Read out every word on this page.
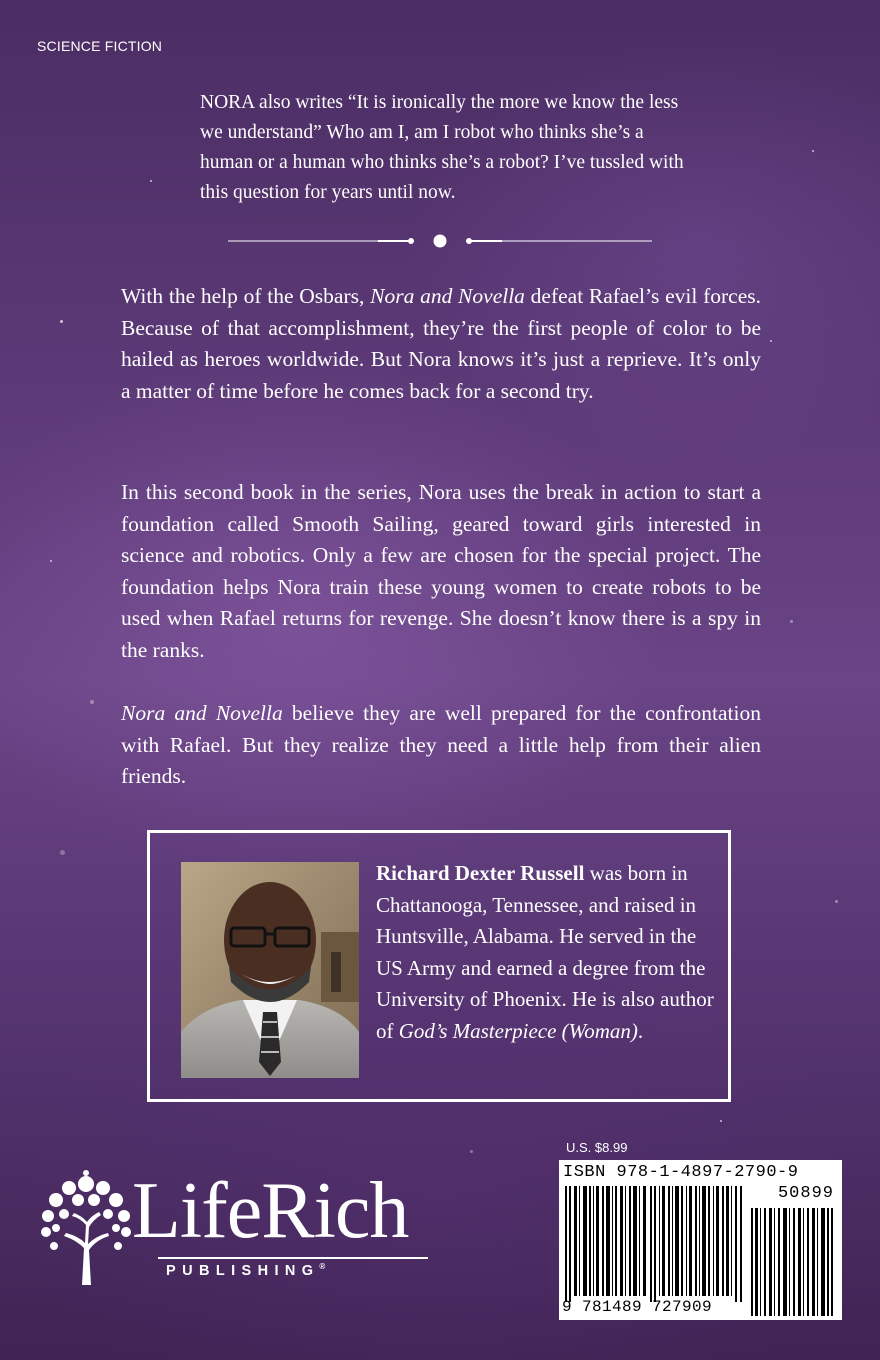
SCIENCE FICTION
NORA also writes “It is ironically the more we know the less we understand” Who am I, am I robot who thinks she’s a human or a human who thinks she’s a robot? I’ve tussled with this question for years until now.
With the help of the Osbars, Nora and Novella defeat Rafael’s evil forces. Because of that accomplishment, they’re the first people of color to be hailed as heroes worldwide. But Nora knows it’s just a reprieve. It’s only a matter of time before he comes back for a second try.
In this second book in the series, Nora uses the break in action to start a foundation called Smooth Sailing, geared toward girls interested in science and robotics. Only a few are chosen for the special project. The foundation helps Nora train these young women to create robots to be used when Rafael returns for revenge. She doesn’t know there is a spy in the ranks.
Nora and Novella believe they are well prepared for the confrontation with Rafael. But they realize they need a little help from their alien friends.
Richard Dexter Russell was born in Chattanooga, Tennessee, and raised in Huntsville, Alabama. He served in the US Army and earned a degree from the University of Phoenix. He is also author of God’s Masterpiece (Woman).
U.S. $8.99
ISBN 978-1-4897-2790-9
50899
9 781489 727909
LifeRich
PUBLISHING®
